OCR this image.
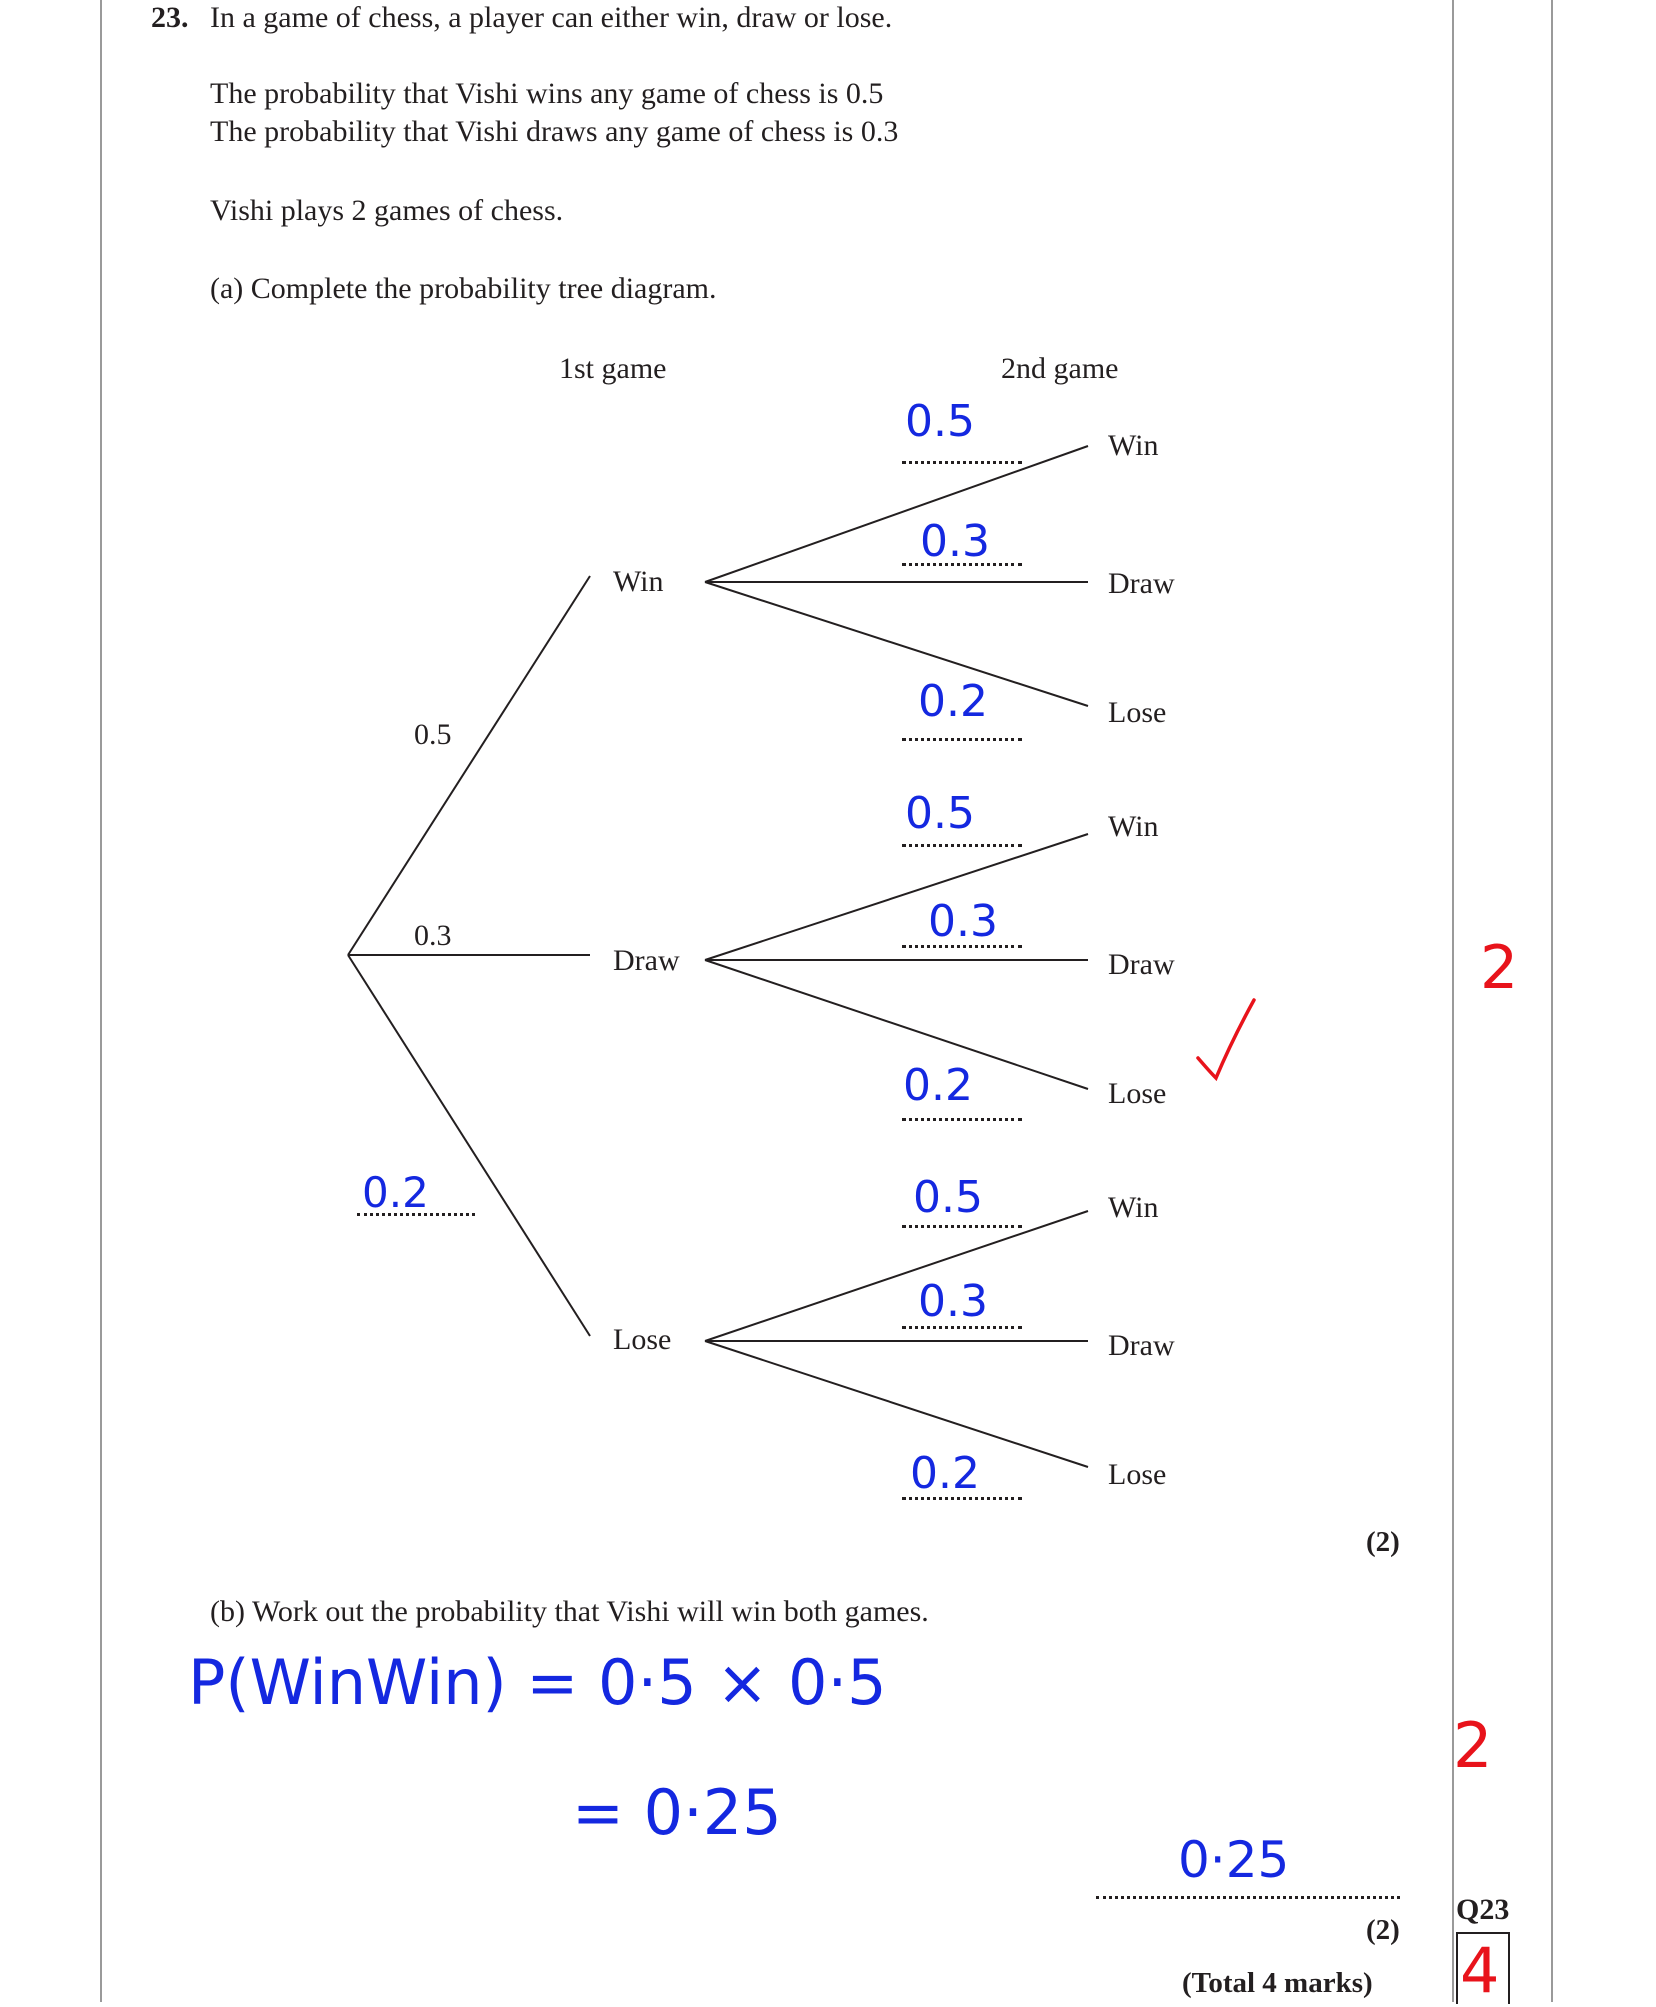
23. In a game of chess, a player can either win, draw or lose.
The probability that Vishi wins any game of chess is 0.5
The probability that Vishi draws any game of chess is 0.3
Vishi plays 2 games of chess.
(a) Complete the probability tree diagram.
1st game	2nd game
Win
Draw
Lose
Win
Draw
Lose
Win
Draw
Lose
Win
Draw
Lose
0.5
0.3
0.2
0.5
0.3
0.2
0.5
0.3
0.2
0.5
0.3
0.2
(2)
2
(b) Work out the probability that Vishi will win both games.
P(WinWin) = 0·5 × 0·5
= 0·25
0·25
(2)
2
(Total 4 marks)
Q23
4
